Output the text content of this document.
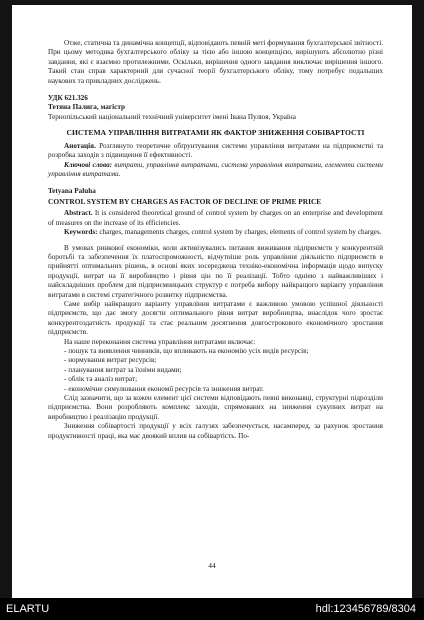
Отже, статична та динамічна концепції, відповідають певній меті формування бухгалтерської звітності. При цьому методика бухгалтерського обліку за тією або іншою концепцією, вирішують абсолютно різні завдання, які є взаємно протилежними. Оскільки, вирішення одного завдання виключає вирішення іншого. Такий стан справ характерний для сучасної теорії бухгалтерського обліку, тому потребує подальших наукових та прикладних досліджень.

УДК 621.326

Тетяна Палига, магістр

Тернопільський національний технічний університет імені Івана Пулюя, Україна

СИСТЕМА УПРАВЛІННЯ ВИТРАТАМИ ЯК ФАКТОР ЗНИЖЕННЯ СОБІВАРТОСТІ

Анотація. Розглянуто теоретичне обґрунтування системи управління витратами на підприємстві та розробка заходів з підвищення її ефективності.

Ключові слова: витрати, управління витратами, система управління витратами, елементи системи управління витратами.

Tetyana Paluha

CONTROL SYSTEM BY CHARGES AS FACTOR OF DECLINE OF PRIME PRICE

Abstract. It is considered theoretical ground of control system by charges on an enterprise and development of measures on the increase of its efficiencies.

Keywords: charges, managements charges, control system by charges, elements of control system by charges.

В умовах ринкової економіки, коли активізувались питання виживання підприємств у конкурентній боротьбі та забезпечення їх платоспроможності, відчутніше роль управління діяльністю підприємств в прийнятті оптимальних рішень, в основі яких зосереджена техніко-економічна інформація щодо випуску продукції, витрат на її виробництво і рівня цін по її реалізації. Тобто одніею з найважливіших і найскладніших проблем для підприємницьких структур є потреба вибору найкращого варіанту управління витратами в системі стратегічного розвитку підприємства.

Саме вибір найкращого варіанту управління витратами є важливою умовою успішної діяльності підприємств, що дає змогу досягти оптимального рівня витрат виробництва, внаслідок чого зростає конкурентоздатність продукції та стає реальним досягнення довгострокового економічного зростання підприємств.

На наше переконання система управління витратами включає:

- пошук та виявлення чинників, що впливають на економію усіх видів ресурсів;

- нормування витрат ресурсів;

- планування витрат за їхніми видами;

- облік та аналіз витрат;

- економічне симулювання економії ресурсів та зниження витрат.

Слід зазначити, що за кожен елемент цієї системи відповідають певні виконавці, структурні підрозділи підприємства. Вони розробляють комплекс заходів, спрямованих на зниження сукупних витрат на виробництво і реалізацію продукції.

Зниження собівартості продукції у всіх галузях забезпечується, насамперед, за рахунок зростання продуктивності праці, яка має двоякий вплив на собівартість. По-

44
ELARTU	hdl:123456789/8304
